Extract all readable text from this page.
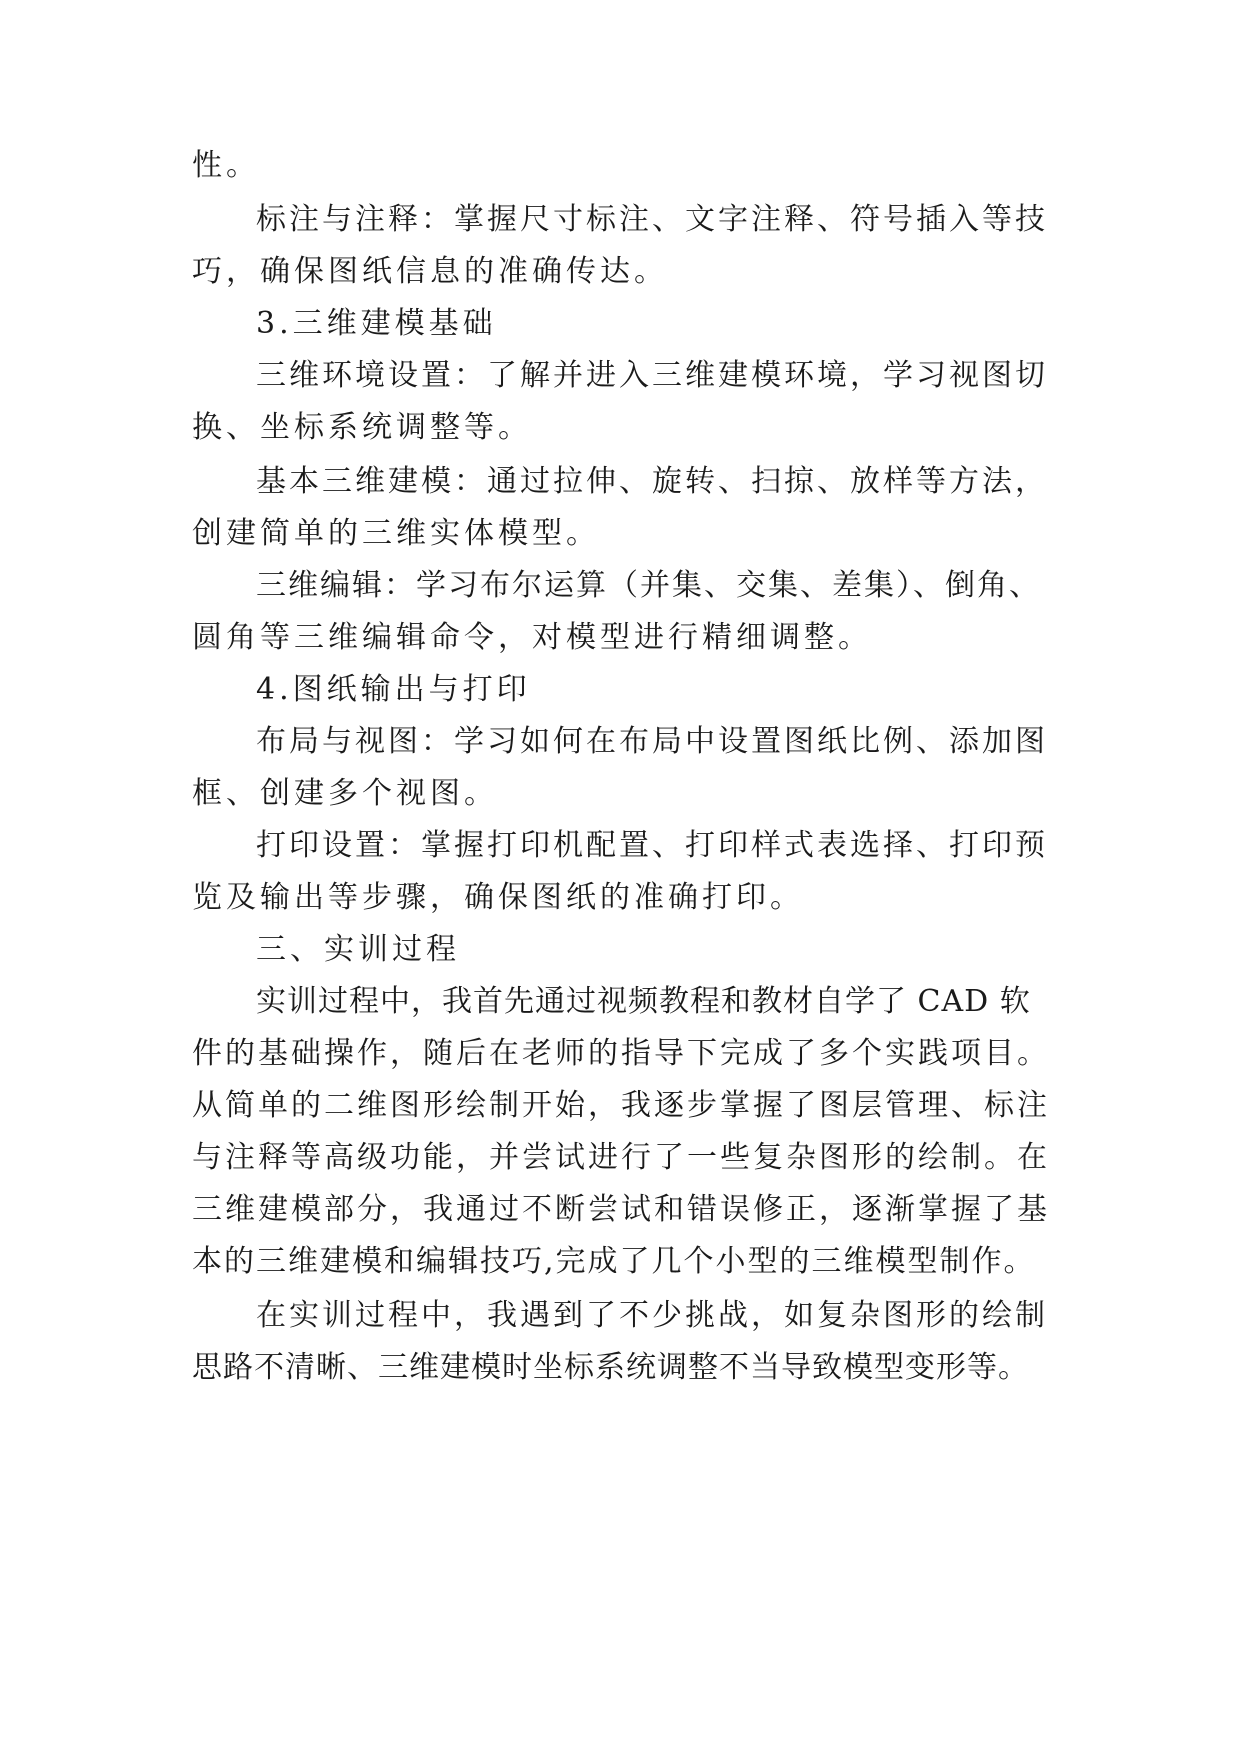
性。
标注与注释：掌握尺寸标注、文字注释、符号插入等技
巧，确保图纸信息的准确传达。
3.三维建模基础
三维环境设置：了解并进入三维建模环境，学习视图切
换、坐标系统调整等。
基本三维建模：通过拉伸、旋转、扫掠、放样等方法，
创建简单的三维实体模型。
三维编辑：学习布尔运算（并集、交集、差集）、倒角、
圆角等三维编辑命令，对模型进行精细调整。
4.图纸输出与打印
布局与视图：学习如何在布局中设置图纸比例、添加图
框、创建多个视图。
打印设置：掌握打印机配置、打印样式表选择、打印预
览及输出等步骤，确保图纸的准确打印。
三、实训过程
实训过程中，我首先通过视频教程和教材自学了 CAD 软
件的基础操作，随后在老师的指导下完成了多个实践项目。
从简单的二维图形绘制开始，我逐步掌握了图层管理、标注
与注释等高级功能，并尝试进行了一些复杂图形的绘制。在
三维建模部分，我通过不断尝试和错误修正，逐渐掌握了基
本的三维建模和编辑技巧,完成了几个小型的三维模型制作。
在实训过程中，我遇到了不少挑战，如复杂图形的绘制
思路不清晰、三维建模时坐标系统调整不当导致模型变形等。
